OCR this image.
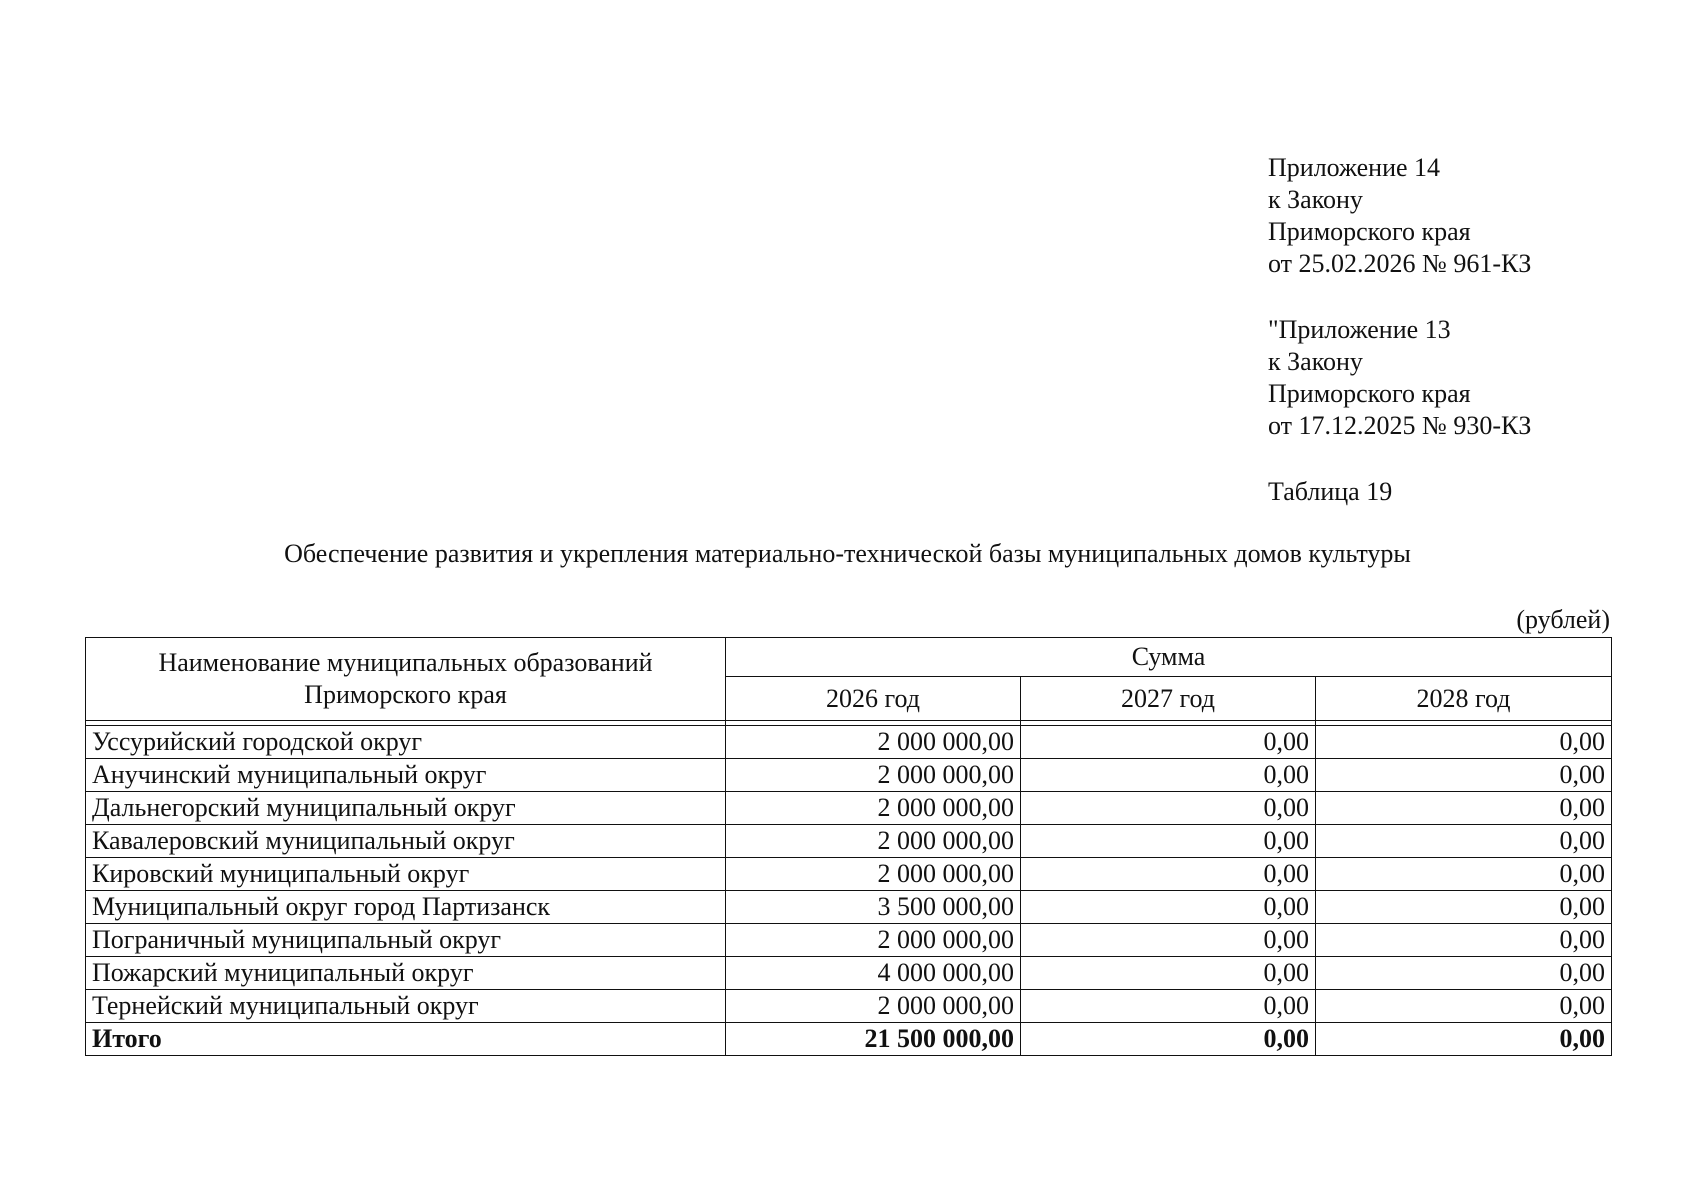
Приложение 14
к Закону
Приморского края
от 25.02.2026 № 961-КЗ
"Приложение 13
к Закону
Приморского края
от 17.12.2025 № 930-КЗ
Таблица 19
Обеспечение развития и укрепления материально-технической базы муниципальных домов культуры
(рублей)
Наименование муниципальных образований Приморского края	Сумма		
	2026 год	2027 год	2028 год

Уссурийский городской округ	2 000 000,00	0,00	0,00
Анучинский муниципальный округ	2 000 000,00	0,00	0,00
Дальнегорский муниципальный округ	2 000 000,00	0,00	0,00
Кавалеровский муниципальный округ	2 000 000,00	0,00	0,00
Кировский муниципальный округ	2 000 000,00	0,00	0,00
Муниципальный округ город Партизанск	3 500 000,00	0,00	0,00
Пограничный муниципальный округ	2 000 000,00	0,00	0,00
Пожарский муниципальный округ	4 000 000,00	0,00	0,00
Тернейский муниципальный округ	2 000 000,00	0,00	0,00
Итого	21 500 000,00	0,00	0,00
